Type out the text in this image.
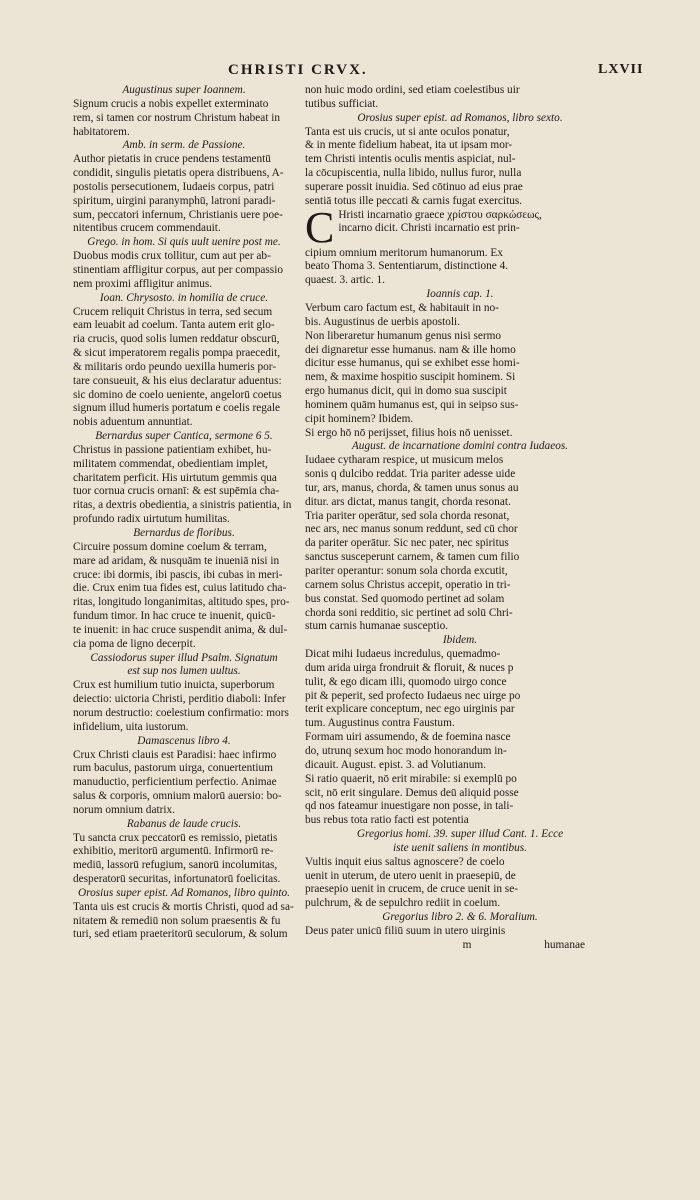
CHRISTI CRVX.	LXVII
Augustinus super Ioannem.
Signum crucis a nobis expellet exterminato
rem, si tamen cor nostrum Christum habeat in
habitatorem.
Amb. in serm. de Passione.
Author pietatis in cruce pendens testamentū
condidit, singulis pietatis opera distribuens, A-
postolis persecutionem, Iudaeis corpus, patri
spiritum, uirgini paranymphū, latroni paradi-
sum, peccatori infernum, Christianis uere poe-
nitentibus crucem commendauit.
Grego. in hom. Si quis uult uenire post me.
Duobus modis crux tollitur, cum aut per ab-
stinentiam affligitur corpus, aut per compassio
nem proximi affligitur animus.
Ioan. Chrysosto. in homilia de cruce.
Crucem reliquit Christus in terra, sed secum
eam leuabit ad coelum. Tanta autem erit glo-
ria crucis, quod solis lumen reddatur obscurū,
& sicut imperatorem regalis pompa praecedit,
& militaris ordo peundo uexilla humeris por-
tare consueuit, & his eius declaratur aduentus:
sic domino de coelo ueniente, angelorū coetus
signum illud humeris portatum e coelis regale
nobis aduentum annuntiat.
Bernardus super Cantica, sermone 6 5.
Christus in passione patientiam exhibet, hu-
militatem commendat, obedientiam implet,
charitatem perficit. His uirtutum gemmis qua
tuor cornua crucis ornanī: & est supēmia cha-
ritas, a dextris obedientia, a sinistris patientia, in
profundo radix uirtutum humilitas.
Bernardus de floribus.
Circuire possum domine coelum & terram,
mare ad aridam, & nusquām te inueniā nisi in
cruce: ibi dormis, ibi pascis, ibi cubas in meri-
die. Crux enim tua fides est, cuius latitudo cha-
ritas, longitudo longanimitas, altitudo spes, pro-
fundum timor. In hac cruce te inuenit, quicū-
te inuenit: in hac cruce suspendit anima, & dul-
cia poma de ligno decerpit.
Cassiodorus super illud Psalm. Signatum
est sup nos lumen uultus.
Crux est humilium tutio inuicta, superborum
deiectio: uictoria Christi, perditio diaboli: Infer
norum destructio: coelestium confirmatio: mors
infidelium, uita iustorum.
Damascenus libro 4.
Crux Christi clauis est Paradisi: haec infirmo
rum baculus, pastorum uirga, conuertentium
manuductio, perficientium perfectio. Animae
salus & corporis, omnium malorū auersio: bo-
norum omnium datrix.
Rabanus de laude crucis.
Tu sancta crux peccatorū es remissio, pietatis
exhibitio, meritorū argumentū. Infirmorū re-
mediū, lassorū refugium, sanorū incolumitas,
desperatorū securitas, infortunatorū foelicitas.
Orosius super epist. Ad Romanos, libro quinto.
Tanta uis est crucis & mortis Christi, quod ad sa-
nitatem & remediū non solum praesentis & fu
turi, sed etiam praeteritorū seculorum, & solum
non huic modo ordini, sed etiam coelestibus uir
tutibus sufficiat.
Orosius super epist. ad Romanos, libro sexto.
Tanta est uis crucis, ut si ante oculos ponatur,
& in mente fidelium habeat, ita ut ipsam mor-
tem Christi intentis oculis mentis aspiciat, nul-
la cōcupiscentia, nulla libido, nullus furor, nulla
superare possit inuidia. Sed cōtinuo ad eius prae
sentiā totus ille peccati & carnis fugat exercitus.
C Hristi incarnatio graece χρίστου σαρκώσεως,
incarno dicit. Christi incarnatio est prin-
cipium omnium meritorum humanorum. Ex
beato Thoma 3. Sententiarum, distinctione 4.
quaest. 3. artic. 1.
Ioannis cap. 1.
Verbum caro factum est, & habitauit in no-
bis. Augustinus de uerbis apostoli.
Non liberaretur humanum genus nisi sermo
dei dignaretur esse humanus. nam & ille homo
dicitur esse humanus, qui se exhibet esse homi-
nem, & maxime hospitio suscipit hominem. Si
ergo humanus dicit, qui in domo sua suscipit
hominem quām humanus est, qui in seipso sus-
cipit hominem? Ibidem.
Si ergo hō nō perijsset, filius hois nō uenisset.
August. de incarnatione domini contra Iudaeos.
Iudaee cytharam respice, ut musicum melos
sonis q dulcibo reddat. Tria pariter adesse uide
tur, ars, manus, chorda, & tamen unus sonus au
ditur. ars dictat, manus tangit, chorda resonat.
Tria pariter operātur, sed sola chorda resonat,
nec ars, nec manus sonum reddunt, sed cū chor
da pariter operātur. Sic nec pater, nec spiritus
sanctus susceperunt carnem, & tamen cum filio
pariter operantur: sonum sola chorda excutit,
carnem solus Christus accepit, operatio in tri-
bus constat. Sed quomodo pertinet ad solam
chorda soni redditio, sic pertinet ad solū Chri-
stum carnis humanae susceptio.
Ibidem.
Dicat mihi Iudaeus incredulus, quemadmo-
dum arida uirga frondruit & floruit, & nuces p
tulit, & ego dicam illi, quomodo uirgo conce
pit & peperit, sed profecto Iudaeus nec uirge po
terit explicare conceptum, nec ego uirginis par
tum. Augustinus contra Faustum.
Formam uiri assumendo, & de foemina nasce
do, utrunq sexum hoc modo honorandum in-
dicauit. August. epist. 3. ad Volutianum.
Si ratio quaerit, nō erit mirabile: si exemplū po
scit, nō erit singulare. Demus deū aliquid posse
qd nos fateamur inuestigare non posse, in tali-
bus rebus tota ratio facti est potentia
Gregorius homi. 39. super illud Cant. 1. Ecce
iste uenit saliens in montibus.
Vultis inquit eius saltus agnoscere? de coelo
uenit in uterum, de utero uenit in praesepiū, de
praesepio uenit in crucem, de cruce uenit in se-
pulchrum, & de sepulchro rediit in coelum.
Gregorius libro 2. & 6. Moralium.
Deus pater unicū filiū suum in utero uirginis
m	humanae
